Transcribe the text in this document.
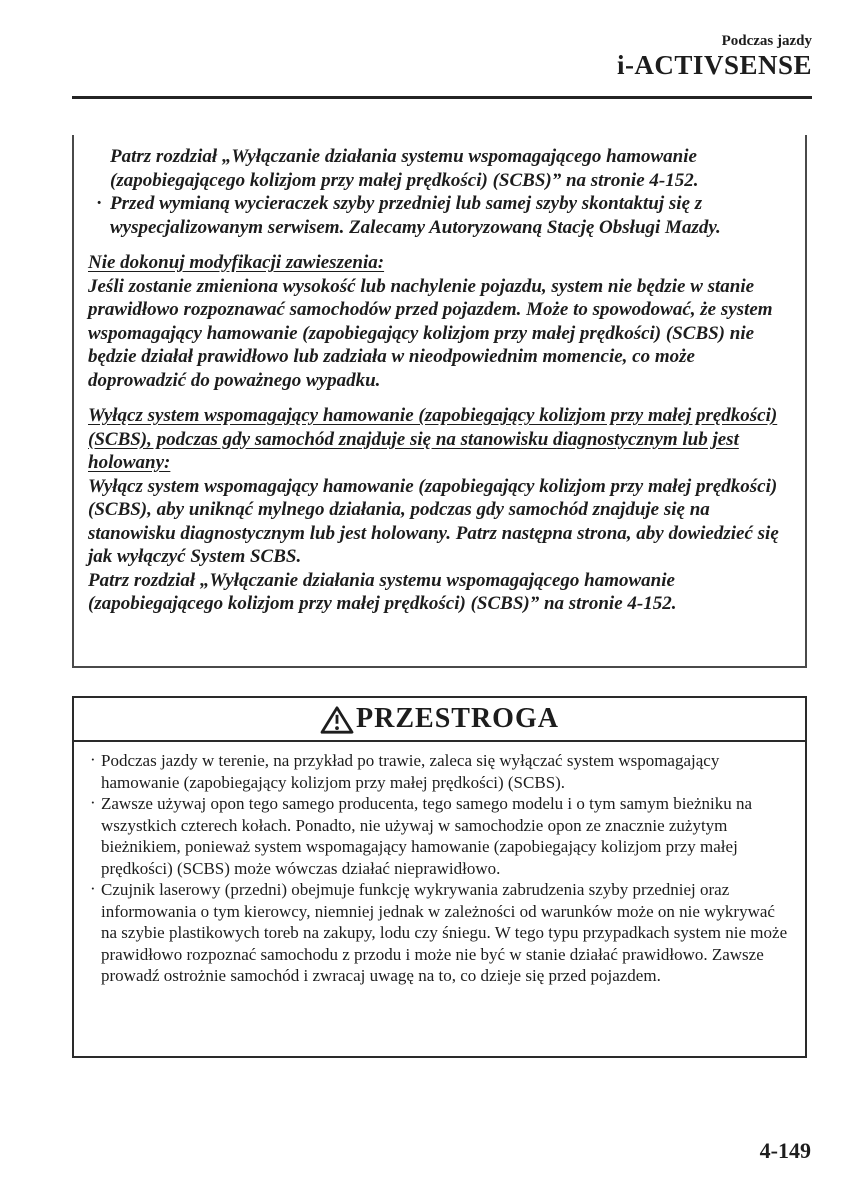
Podczas jazdy
i-ACTIVSENSE

Patrz rozdział „Wyłączanie działania systemu wspomagającego hamowanie (zapobiegającego kolizjom przy małej prędkości) (SCBS)” na stronie 4-152.

· Przed wymianą wycieraczek szyby przedniej lub samej szyby skontaktuj się z wyspecjalizowanym serwisem. Zalecamy Autoryzowaną Stację Obsługi Mazdy.

Nie dokonuj modyfikacji zawieszenia:

Jeśli zostanie zmieniona wysokość lub nachylenie pojazdu, system nie będzie w stanie prawidłowo rozpoznawać samochodów przed pojazdem. Może to spowodować, że system wspomagający hamowanie (zapobiegający kolizjom przy małej prędkości) (SCBS) nie będzie działał prawidłowo lub zadziała w nieodpowiednim momencie, co może doprowadzić do poważnego wypadku.

Wyłącz system wspomagający hamowanie (zapobiegający kolizjom przy małej prędkości) (SCBS), podczas gdy samochód znajduje się na stanowisku diagnostycznym lub jest holowany:

Wyłącz system wspomagający hamowanie (zapobiegający kolizjom przy małej prędkości) (SCBS), aby uniknąć mylnego działania, podczas gdy samochód znajduje się na stanowisku diagnostycznym lub jest holowany. Patrz następna strona, aby dowiedzieć się jak wyłączyć System SCBS.

Patrz rozdział „Wyłączanie działania systemu wspomagającego hamowanie (zapobiegającego kolizjom przy małej prędkości) (SCBS)” na stronie 4-152.

PRZESTROGA

· Podczas jazdy w terenie, na przykład po trawie, zaleca się wyłączać system wspomagający hamowanie (zapobiegający kolizjom przy małej prędkości) (SCBS).

· Zawsze używaj opon tego samego producenta, tego samego modelu i o tym samym bieżniku na wszystkich czterech kołach. Ponadto, nie używaj w samochodzie opon ze znacznie zużytym bieżnikiem, ponieważ system wspomagający hamowanie (zapobiegający kolizjom przy małej prędkości) (SCBS) może wówczas działać nieprawidłowo.

· Czujnik laserowy (przedni) obejmuje funkcję wykrywania zabrudzenia szyby przedniej oraz informowania o tym kierowcy, niemniej jednak w zależności od warunków może on nie wykrywać na szybie plastikowych toreb na zakupy, lodu czy śniegu. W tego typu przypadkach system nie może prawidłowo rozpoznać samochodu z przodu i może nie być w stanie działać prawidłowo. Zawsze prowadź ostrożnie samochód i zwracaj uwagę na to, co dzieje się przed pojazdem.

4-149
